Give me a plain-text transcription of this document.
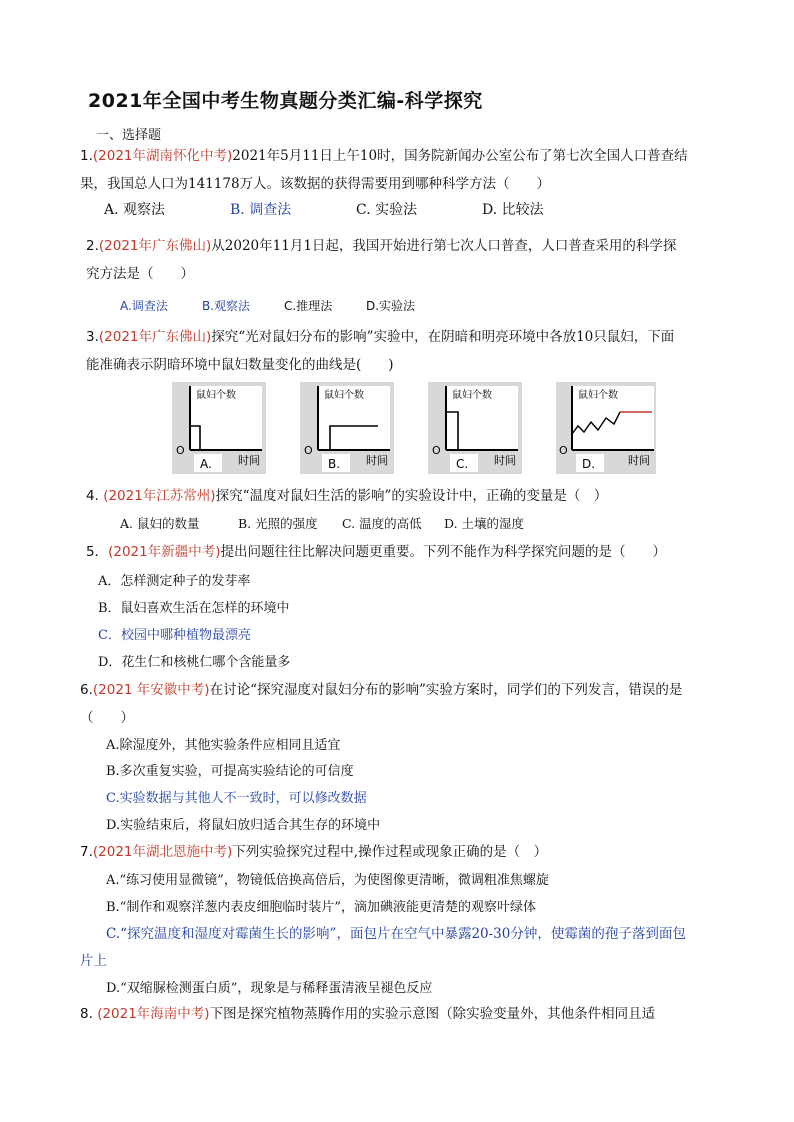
2021年全国中考生物真题分类汇编-科学探究
一、选择题
1.(2021年湖南怀化中考)2021年5月11日上午10时，国务院新闻办公室公布了第七次全国人口普查结
果，我国总人口为141178万人。该数据的获得需要用到哪种科学方法（　　）
A. 观察法	B. 调查法	C. 实验法	D. 比较法
2.(2021年广东佛山)从2020年11月1日起，我国开始进行第七次人口普查，人口普查采用的科学探
究方法是（　　）
A.调查法	B.观察法	C.推理法	D.实验法
3.(2021年广东佛山)探究“光对鼠妇分布的影响”实验中，在阴暗和明亮环境中各放10只鼠妇，下面
能准确表示阴暗环境中鼠妇数量变化的曲线是(　　)
鼠妇个数
O
时间
A.
鼠妇个数
O
时间
B.
鼠妇个数
O
时间
C.
鼠妇个数
O
时间
D.
4. (2021年江苏常州)探究“温度对鼠妇生活的影响”的实验设计中，正确的变量是（　）
A. 鼠妇的数量	B. 光照的强度	C. 温度的高低	D. 土壤的湿度
5．(2021年新疆中考)提出问题往往比解决问题更重要。下列不能作为科学探究问题的是（　　）
A．怎样测定种子的发芽率
B．鼠妇喜欢生活在怎样的环境中
C．校园中哪种植物最漂亮
D．花生仁和核桃仁哪个含能量多
6.(2021 年安徽中考)在讨论“探究湿度对鼠妇分布的影响”实验方案时，同学们的下列发言，错误的是
（　　）
A.除湿度外，其他实验条件应相同且适宜
B.多次重复实验，可提高实验结论的可信度
C.实验数据与其他人不一致时，可以修改数据
D.实验结束后，将鼠妇放归适合其生存的环境中
7.(2021年湖北恩施中考)下列实验探究过程中,操作过程或现象正确的是（　）
A.“练习使用显微镜”，物镜低倍换高倍后，为使图像更清晰，微调粗准焦螺旋
B.“制作和观察洋葱内表皮细胞临时装片”，滴加碘液能更清楚的观察叶绿体
C.“探究温度和湿度对霉菌生长的影响”，面包片在空气中暴露20-30分钟，使霉菌的孢子落到面包
片上
D.“双缩脲检测蛋白质”，现象是与稀释蛋清液呈褪色反应
8. (2021年海南中考)下图是探究植物蒸腾作用的实验示意图（除实验变量外，其他条件相同且适
